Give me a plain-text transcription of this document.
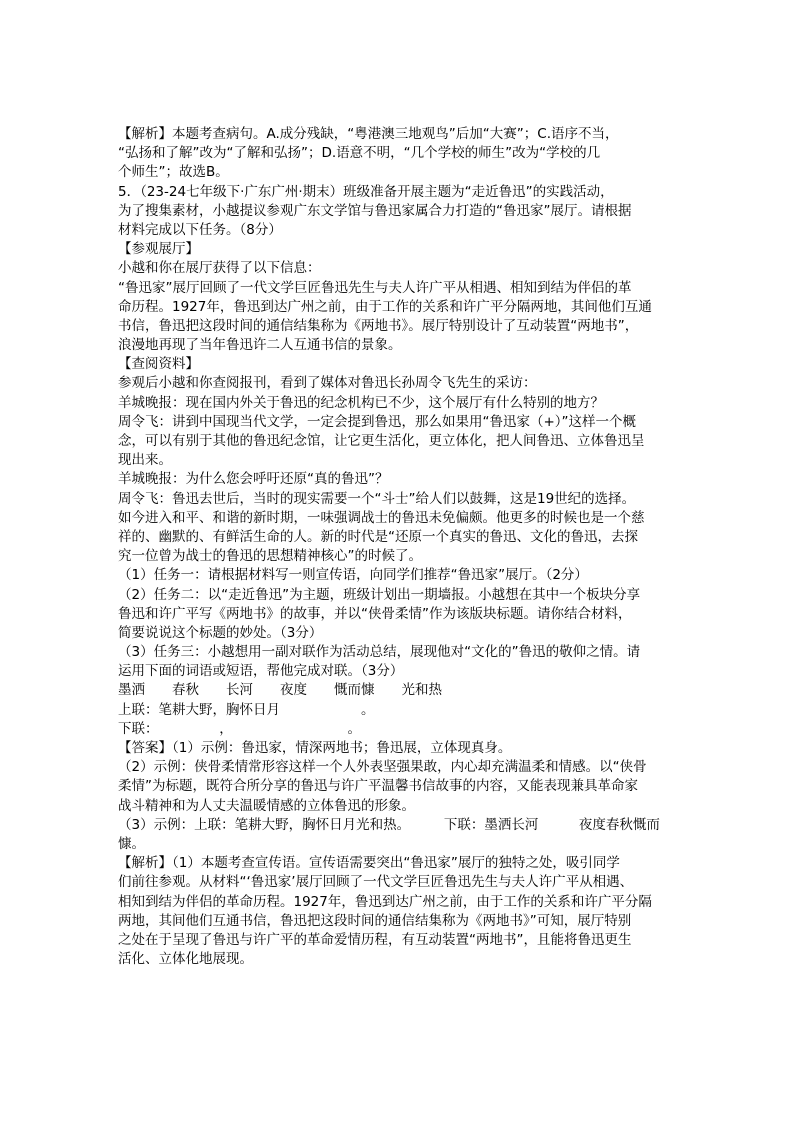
【解析】本题考查病句。A.成分残缺，“粤港澳三地观鸟”后加“大赛”；C.语序不当，
“弘扬和了解”改为“了解和弘扬”；D.语意不明，“几个学校的师生”改为“学校的几
个师生”；故选B。
5．（23-24七年级下·广东广州·期末）班级准备开展主题为“走近鲁迅”的实践活动，
为了搜集素材，小越提议参观广东文学馆与鲁迅家属合力打造的“鲁迅家”展厅。请根据
材料完成以下任务。（8分）
【参观展厅】
小越和你在展厅获得了以下信息：
“鲁迅家”展厅回顾了一代文学巨匠鲁迅先生与夫人许广平从相遇、相知到结为伴侣的革
命历程。1927年，鲁迅到达广州之前，由于工作的关系和许广平分隔两地，其间他们互通
书信，鲁迅把这段时间的通信结集称为《两地书》。展厅特别设计了互动装置“两地书”，
浪漫地再现了当年鲁迅许二人互通书信的景象。
【查阅资料】
参观后小越和你查阅报刊，看到了媒体对鲁迅长孙周令飞先生的采访：
羊城晚报：现在国内外关于鲁迅的纪念机构已不少，这个展厅有什么特别的地方？
周令飞：讲到中国现当代文学，一定会提到鲁迅，那么如果用“鲁迅家（+）”这样一个概
念，可以有别于其他的鲁迅纪念馆，让它更生活化，更立体化，把人间鲁迅、立体鲁迅呈
现出来。
羊城晚报：为什么您会呼吁还原“真的鲁迅”？
周令飞：鲁迅去世后，当时的现实需要一个“斗士”给人们以鼓舞，这是19世纪的选择。
如今进入和平、和谐的新时期，一味强调战士的鲁迅未免偏颇。他更多的时候也是一个慈
祥的、幽默的、有鲜活生命的人。新的时代是“还原一个真实的鲁迅、文化的鲁迅，去探
究一位曾为战士的鲁迅的思想精神核心”的时候了。
（1）任务一：请根据材料写一则宣传语，向同学们推荐“鲁迅家”展厅。（2分）
（2）任务二：以“走近鲁迅”为主题，班级计划出一期墙报。小越想在其中一个板块分享
鲁迅和许广平写《两地书》的故事，并以“侠骨柔情”作为该版块标题。请你结合材料，
简要说说这个标题的妙处。（3分）
（3）任务三：小越想用一副对联作为活动总结，展现他对“文化的”鲁迅的敬仰之情。请
运用下面的词语或短语，帮他完成对联。（3分）
墨洒　　春秋　　长河　　夜度　　慨而慷　　光和热
上联：笔耕大野，胸怀日月　　　　　　。
下联：　　　　　，　　　　　　　　　。
【答案】（1）示例：鲁迅家，情深两地书；鲁迅展，立体现真身。
（2）示例：侠骨柔情常形容这样一个人外表坚强果敢，内心却充满温柔和情感。以“侠骨
柔情”为标题，既符合所分享的鲁迅与许广平温馨书信故事的内容，又能表现兼具革命家
战斗精神和为人丈夫温暖情感的立体鲁迅的形象。
（3）示例：上联：笔耕大野，胸怀日月光和热。　　　下联：墨洒长河　　　夜度春秋慨而
慷。
【解析】（1）本题考查宣传语。宣传语需要突出“鲁迅家”展厅的独特之处，吸引同学
们前往参观。从材料“‘鲁迅家’展厅回顾了一代文学巨匠鲁迅先生与夫人许广平从相遇、
相知到结为伴侣的革命历程。1927年，鲁迅到达广州之前，由于工作的关系和许广平分隔
两地，其间他们互通书信，鲁迅把这段时间的通信结集称为《两地书》”可知，展厅特别
之处在于呈现了鲁迅与许广平的革命爱情历程，有互动装置“两地书”，且能将鲁迅更生
活化、立体化地展现。
